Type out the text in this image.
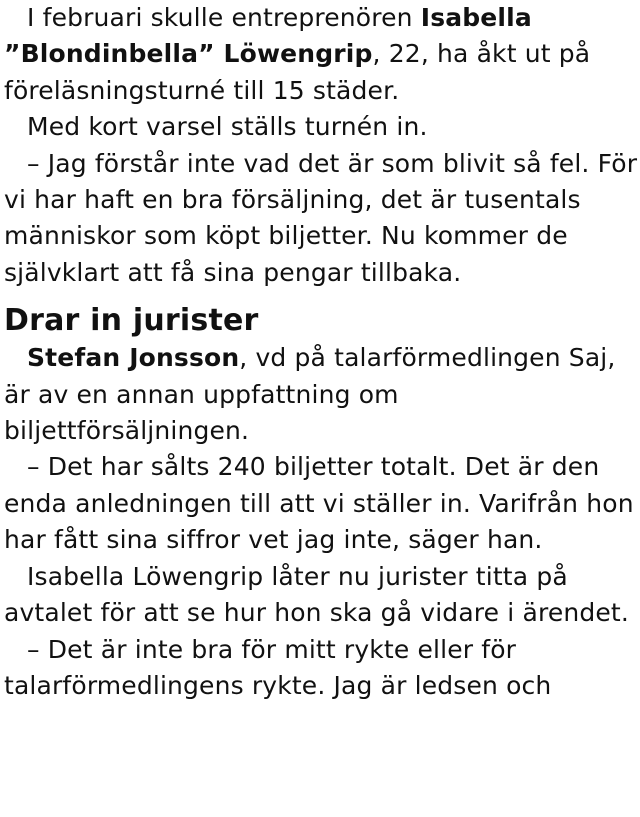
I februari skulle entreprenören Isabella ”Blondinbella” Löwengrip, 22, ha åkt ut på föreläsningsturné till 15 städer.

Med kort varsel ställs turnén in.

– Jag förstår inte vad det är som blivit så fel. För vi har haft en bra försäljning, det är tusentals människor som köpt biljetter. Nu kommer de självklart att få sina pengar tillbaka.

Drar in jurister

Stefan Jonsson, vd på talarförmedlingen Saj, är av en annan uppfattning om biljettförsäljningen.

– Det har sålts 240 biljetter totalt. Det är den enda anledningen till att vi ställer in. Varifrån hon har fått sina siffror vet jag inte, säger han.

Isabella Löwengrip låter nu jurister titta på avtalet för att se hur hon ska gå vidare i ärendet.

– Det är inte bra för mitt rykte eller för talarförmedlingens rykte. Jag är ledsen och
